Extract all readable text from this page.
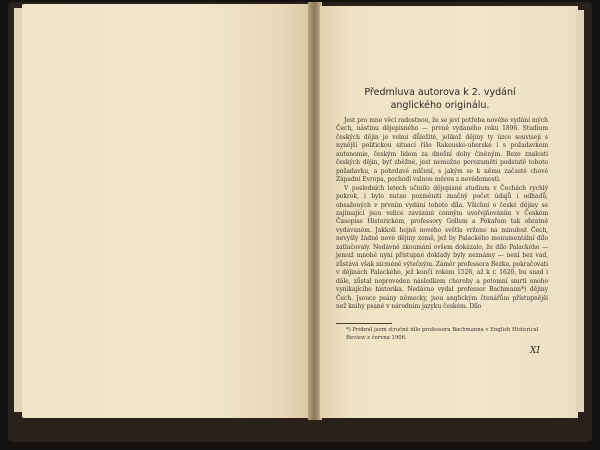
Předmluva autorova k 2. vydání anglického originálu.

Jest pro mne věcí radostnou, že se jeví potřeba nového vydání mých Čech, nástinu dějepisného — prvně vydaného roku 1896. Studium českých dějin je velmi důležité, jelikož dějiny ty úzce souvisejí s nynější politickou situací říše Rakousko-uherské i s požadavkem autonomie, českým lidem za dnešní doby činěným. Beze znalosti českých dějin, byť zběžné, jest nemožno porozuměti podstatě tohoto požadavku, a pohrdavé mlčení, s jakým se k němu začasté chové Západní Evropa, pochodí valnou měrou z nevědomosti.

V posledních letech učinilo dějepisné studium v Čechách rychlý pokrok, i bylo nutno pozměniti značný počet údajů i odhadů, obsažených v prvním vydání tohoto díla. Všichni o české dějiny se zajímající jsou velice zavázáni cenným uveřejňováním v Českém Časopise Historickém, professory Gollem a Pekařem tak obratně vydávaném. Jakkoli hojně nového světla vrženo na minulost Čech, nevyšly žádné nové dějiny země, jež by Palackého monumentální dílo zatlačovaly. Nedávné zkoumání ovšem dokázalo, že dílo Palackého — jemuž mnohé nyní přístupné doklady byly neznámy — není bez vad, zůstává však nicméně výtečným. Záměr professora Bezka, pokračovati v dějinách Palackého, jež končí rokem 1526, až k r. 1620, bu snad i dále, zůstal neproveden následkem choroby a potomní smrti onoho vynikajícího historika. Nedávno vydal professor Bachmann*) dějiny Čech. Jsouce psány německy, jsou anglickým čtenářům přístupnější než knihy psané v národním jazyku českém. Dílo

*) Probral jsem stručně dílo professora Bachmanna v English Historical Review z června 1906.

XI
